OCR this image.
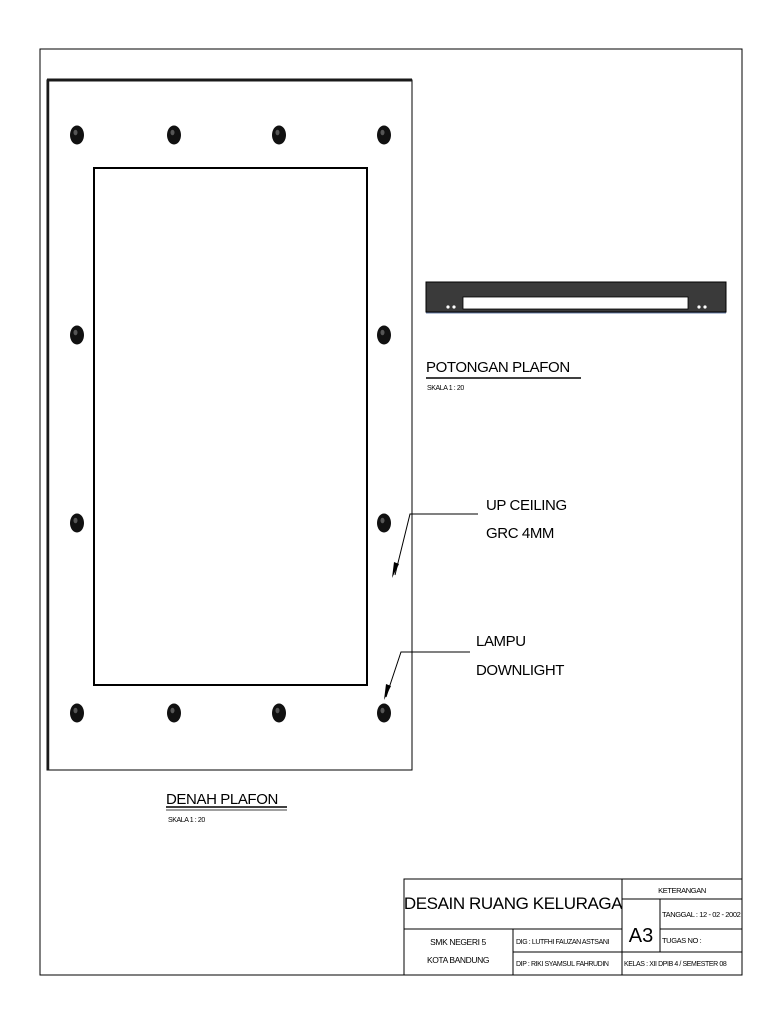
UP CEILING
GRC 4MM
LAMPU
DOWNLIGHT
DENAH PLAFON
SKALA 1 : 20
POTONGAN PLAFON
SKALA 1 : 20
DESAIN RUANG KELURAGA
KETERANGAN
A3
TANGGAL : 12 - 02 - 2002
TUGAS NO :
SMK NEGERI 5
KOTA BANDUNG
DIG : LUTFHI FAUZAN ASTSANI
DIP : RIKI SYAMSUL FAHRUDIN KELAS : XII DPIB 4 / SEMESTER 08
